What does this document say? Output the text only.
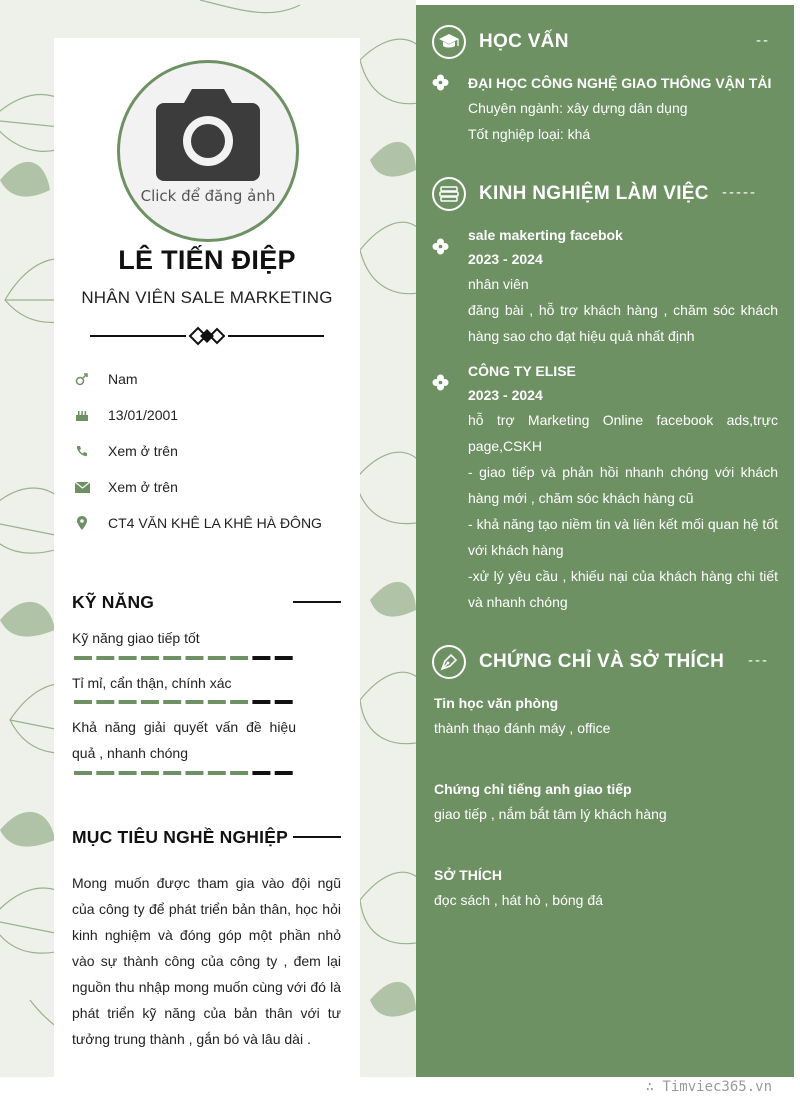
Click để đăng ảnh
LÊ TIẾN ĐIỆP
NHÂN VIÊN SALE MARKETING
Nam
13/01/2001
Xem ở trên
Xem ở trên
CT4 VĂN KHÊ LA KHÊ HÀ ĐÔNG
KỸ NĂNG
Kỹ năng giao tiếp tốt
Tỉ mỉ, cẩn thận, chính xác
Khả năng giải quyết vấn đề hiệu quả , nhanh chóng
MỤC TIÊU NGHỀ NGHIỆP
Mong muốn được tham gia vào đội ngũ của công ty để phát triển bản thân, học hỏi kinh nghiệm và đóng góp một phần nhỏ vào sự thành công của công ty , đem lại nguồn thu nhập mong muốn cùng với đó là phát triển kỹ năng của bản thân với tư tưởng trung thành , gắn bó và lâu dài .
HỌC VẤN	--
ĐẠI HỌC CÔNG NGHỆ GIAO THÔNG VẬN TẢI
Chuyên ngành: xây dựng dân dụng
Tốt nghiệp loại: khá
KINH NGHIỆM LÀM VIỆC -----
sale makerting facebok
2023 - 2024
nhân viên
đăng bài , hỗ trợ khách hàng , chăm sóc khách hàng sao cho đạt hiệu quả nhất định
CÔNG TY ELISE
2023 - 2024
hỗ trợ Marketing Online facebook ads,trực page,CSKH
- giao tiếp và phản hồi nhanh chóng với khách hàng mới , chăm sóc khách hàng cũ
- khả năng tạo niềm tin và liên kết mối quan hệ tốt với khách hàng
-xử lý yêu cầu , khiếu nại của khách hàng chi tiết và nhanh chóng
CHỨNG CHỈ VÀ SỞ THÍCH ---
Tin học văn phòng
thành thạo đánh máy , office
Chứng chỉ tiếng anh giao tiếp
giao tiếp , nắm bắt tâm lý khách hàng
SỞ THÍCH
đọc sách , hát hò , bóng đá
∴ Timviec365.vn
